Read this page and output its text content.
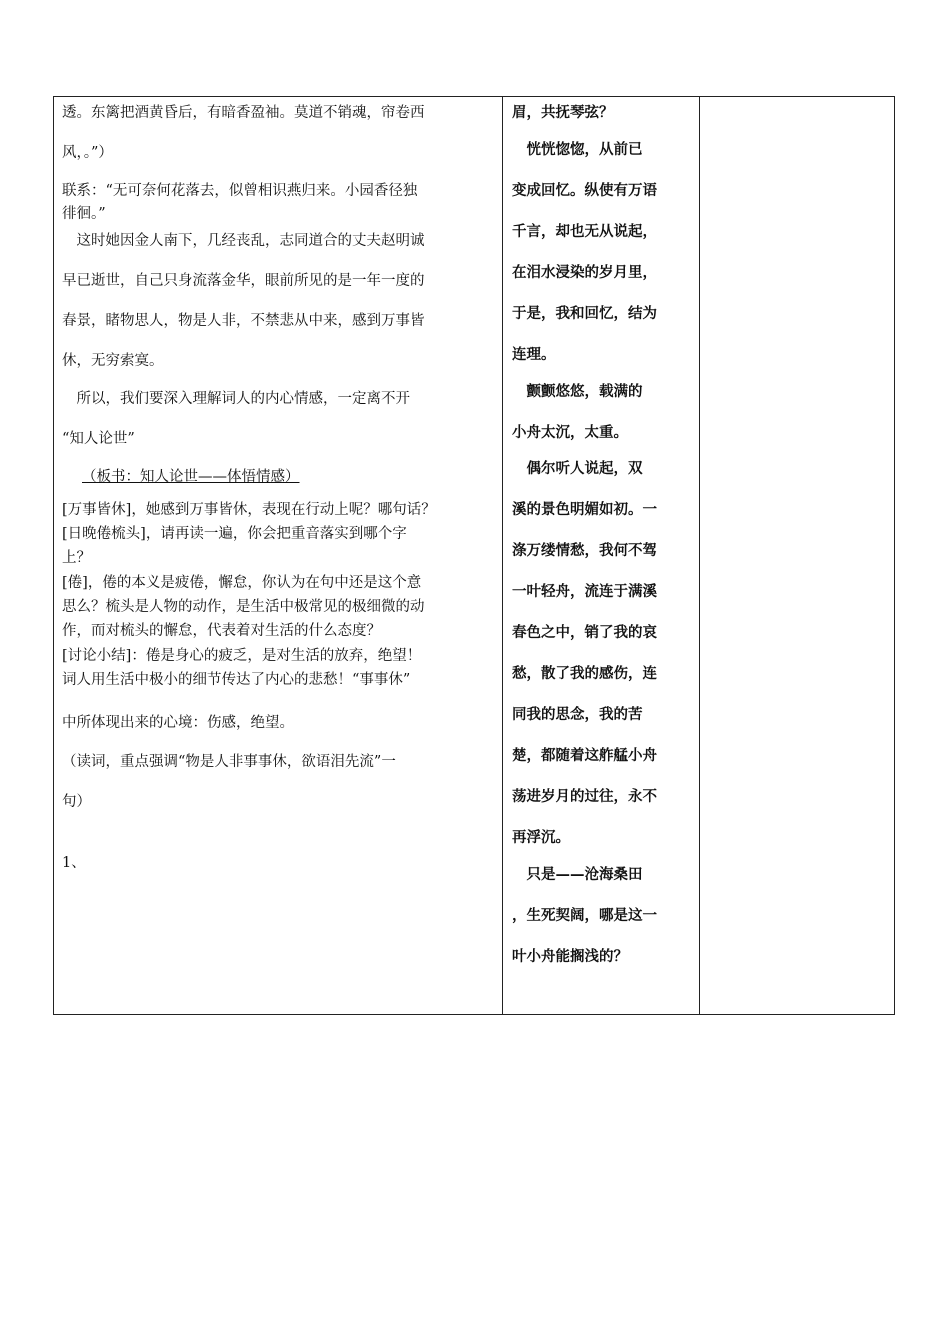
透。东篱把酒黄昏后，有暗香盈袖。莫道不销魂，帘卷西
风，。”）
联系：“无可奈何花落去，似曾相识燕归来。小园香径独
徘徊。”
　这时她因金人南下，几经丧乱，志同道合的丈夫赵明诚
早已逝世，自己只身流落金华，眼前所见的是一年一度的
春景，睹物思人，物是人非，不禁悲从中来，感到万事皆
休，无穷索寞。
　所以，我们要深入理解词人的内心情感，一定离不开
“知人论世”
（板书：知人论世——体悟情感）
[万事皆休]，她感到万事皆休，表现在行动上呢？哪句话？
[日晚倦梳头]，请再读一遍，你会把重音落实到哪个字
上？
[倦]，倦的本义是疲倦，懈怠，你认为在句中还是这个意
思么？梳头是人物的动作，是生活中极常见的极细微的动
作，而对梳头的懈怠，代表着对生活的什么态度？
[讨论小结]：倦是身心的疲乏，是对生活的放弃，绝望！
词人用生活中极小的细节传达了内心的悲愁！“事事休”
中所体现出来的心境：伤感，绝望。
（读词，重点强调“物是人非事事休，欲语泪先流”一
句）
1、
眉，共抚琴弦？
　恍恍惚惚，从前已
变成回忆。纵使有万语
千言，却也无从说起，
在泪水浸染的岁月里，
于是，我和回忆，结为
连理。
　颤颤悠悠，载满的
小舟太沉，太重。
　偶尔听人说起，双
溪的景色明媚如初。一
涤万缕情愁，我何不驾
一叶轻舟，流连于满溪
春色之中，销了我的哀
愁，散了我的感伤，连
同我的思念，我的苦
楚，都随着这舴艋小舟
荡进岁月的过往，永不
再浮沉。
　只是——沧海桑田
，生死契阔，哪是这一
叶小舟能搁浅的？
